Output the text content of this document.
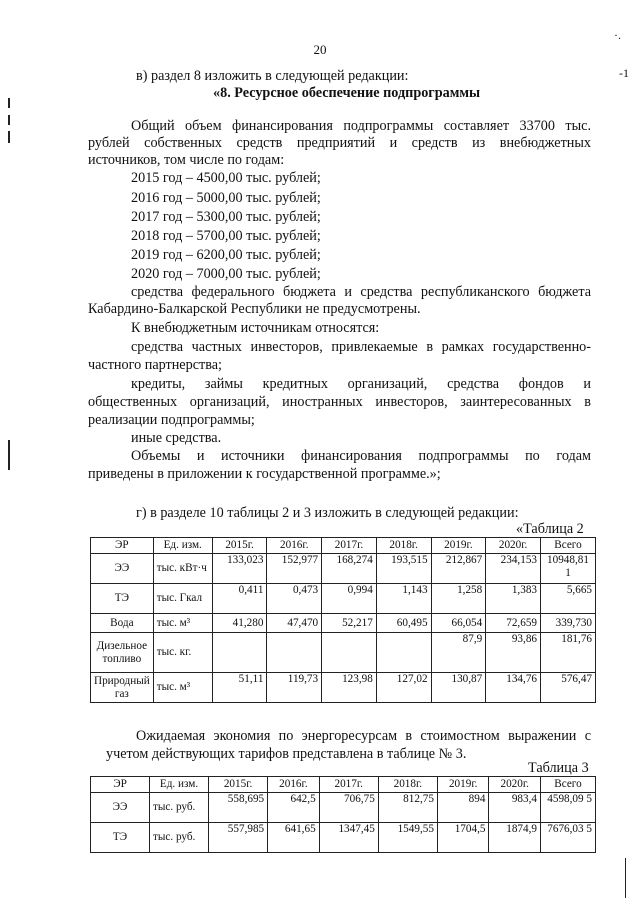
20
·.
-1
в) раздел 8 изложить в следующей редакции:
«8. Ресурсное обеспечение подпрограммы
Общий объем финансирования подпрограммы составляет 33700 тыс.
рублей собственных средств предприятий и средств из внебюджетных
источников, том числе по годам:
2015 год – 4500,00 тыс. рублей;
2016 год – 5000,00 тыс. рублей;
2017 год – 5300,00 тыс. рублей;
2018 год – 5700,00 тыс. рублей;
2019 год – 6200,00 тыс. рублей;
2020 год – 7000,00 тыс. рублей;
средства федерального бюджета и средства республиканского бюджета
Кабардино-Балкарской Республики не предусмотрены.
К внебюджетным источникам относятся:
средства частных инвесторов, привлекаемые в рамках государственно-
частного партнерства;
кредиты, займы кредитных организаций, средства фондов и
общественных организаций, иностранных инвесторов, заинтересованных в
реализации подпрограммы;
иные средства.
Объемы и источники финансирования подпрограммы по годам
приведены в приложении к государственной программе.»;
г) в разделе 10 таблицы 2 и 3 изложить в следующей редакции:
«Таблица 2
ЭР	Ед. изм.	2015г.	2016г.	2017г.	2018г.	2019г.	2020г.	Всего
ЭЭ	тыс. кВт·ч	133,023	152,977	168,274	193,515	212,867	234,153	10948,81 1
ТЭ	тыс. Гкал	0,411	0,473	0,994	1,143	1,258	1,383	5,665
Вода	тыс. м³	41,280	47,470	52,217	60,495	66,054	72,659	339,730
Дизельное топливо	тыс. кг.					87,9	93,86	181,76
Природный газ	тыс. м³	51,11	119,73	123,98	127,02	130,87	134,76	576,47
Ожидаемая экономия по энергоресурсам в стоимостном выражении с
учетом действующих тарифов представлена в таблице № 3.
Таблица 3
ЭР	Ед. изм.	2015г.	2016г.	2017г.	2018г.	2019г.	2020г.	Всего
ЭЭ	тыс. руб.	558,695	642,5	706,75	812,75	894	983,4	4598,09 5
ТЭ	тыс. руб.	557,985	641,65	1347,45	1549,55	1704,5	1874,9	7676,03 5
